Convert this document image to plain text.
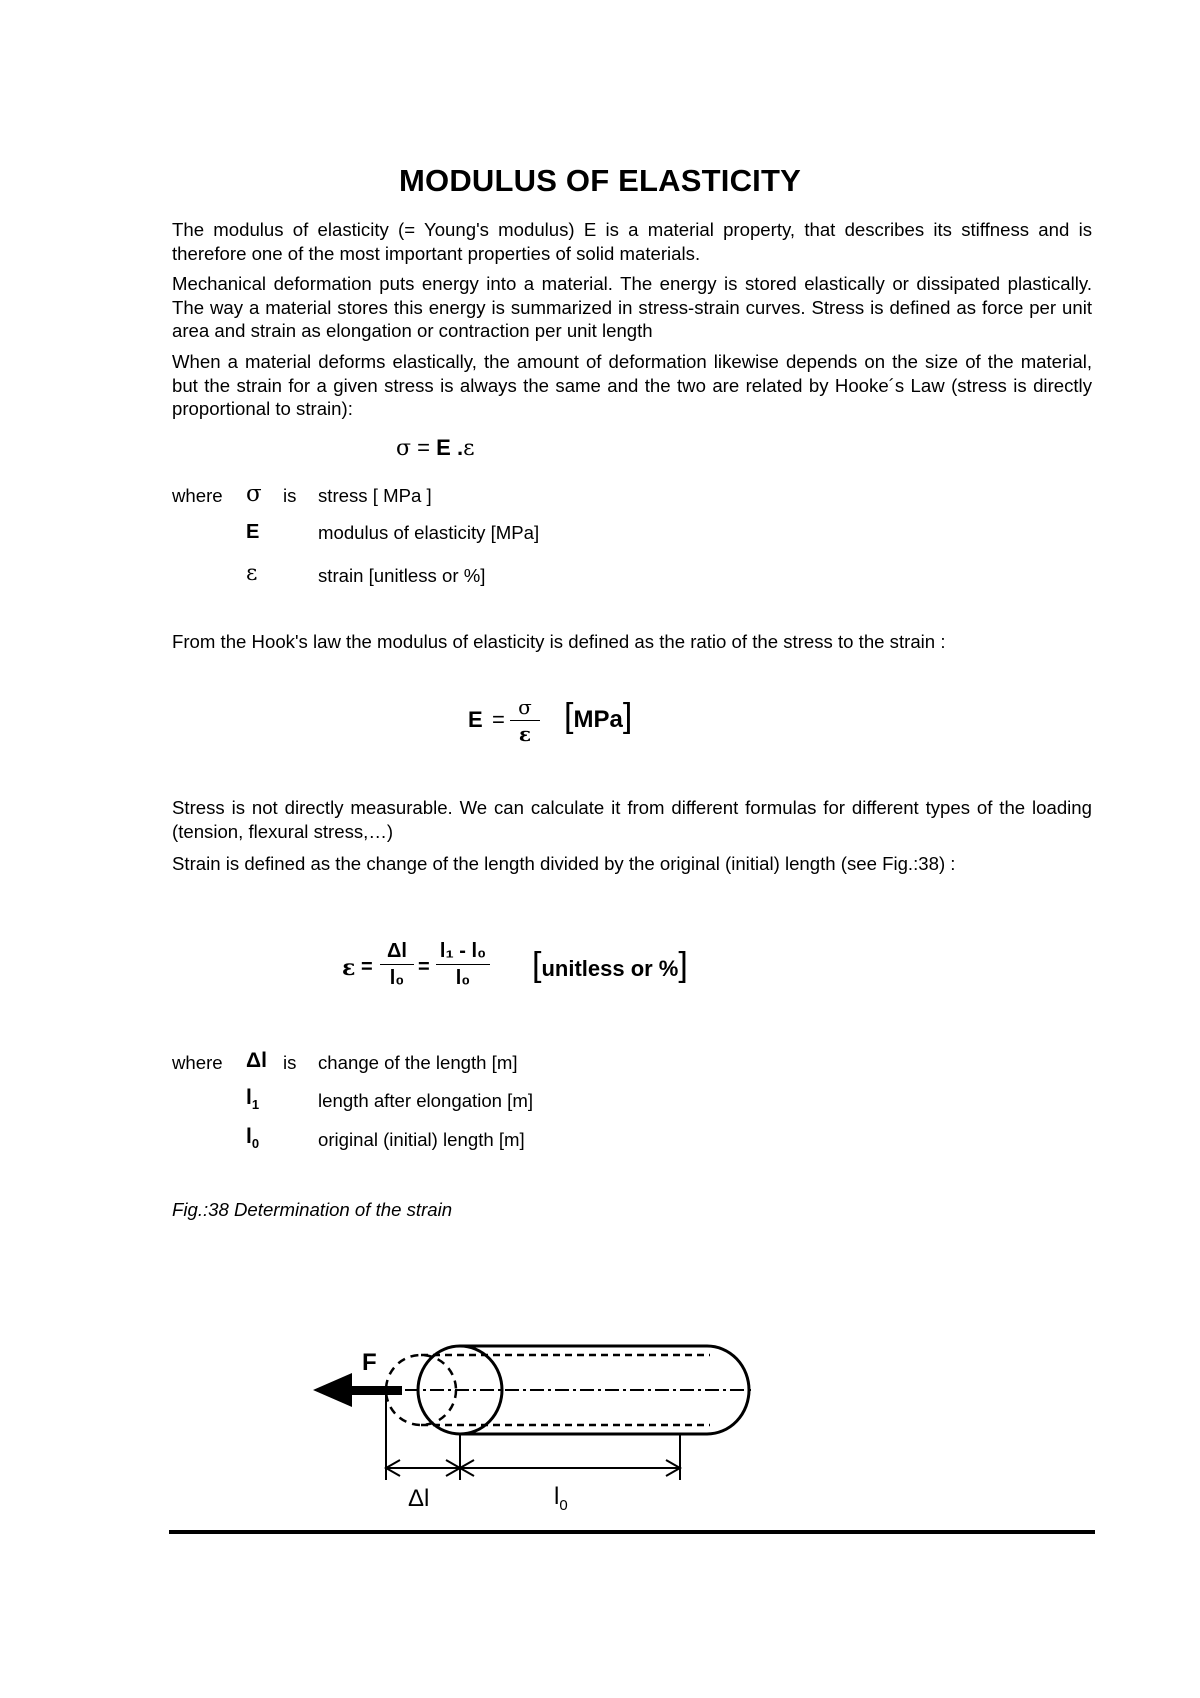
MODULUS OF ELASTICITY
The modulus of elasticity (= Young's modulus) E is a material property, that describes its stiffness and is therefore one of the most important properties of solid materials.
Mechanical deformation puts energy into a material. The energy is stored elastically or dissipated plastically. The way a material stores this energy is summarized in stress-strain curves. Stress is defined as force per unit area and strain as elongation or contraction per unit length
When a material deforms elastically, the amount of deformation likewise depends on the size of the material, but the strain for a given stress is always the same and the two are related by Hooke´s Law (stress is directly proportional to strain):
σ = E .ε
where σ is stress [ MPa ]
E	modulus of elasticity [MPa]
ε	strain [unitless or %]
From the Hook's law the modulus of elasticity is defined as the ratio of the stress to the strain :
E = σ
ε [MPa]
Stress is not directly measurable. We can calculate it from different formulas for different types of the loading (tension, flexural stress,…)
Strain is defined as the change of the length divided by the original (initial) length (see Fig.:38) :
ε =
Δl
l₀ =
l₁ - l₀
l₀ [unitless or %]
where Δl is change of the length [m]
$l_1$	length after elongation [m]
$l_0$	original (initial) length [m]
Fig.:38 Determination of the strain
F
Δl	$l_0$
